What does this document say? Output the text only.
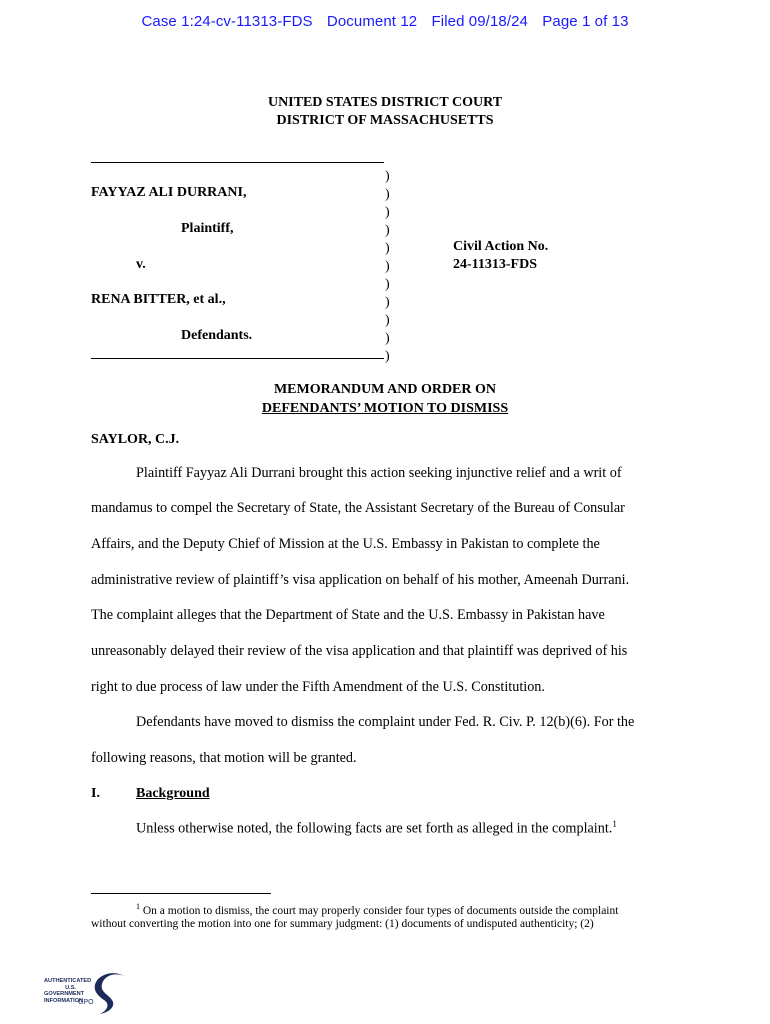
Case 1:24-cv-11313-FDS Document 12 Filed 09/18/24 Page 1 of 13
UNITED STATES DISTRICT COURT
DISTRICT OF MASSACHUSETTS
)
)
)
)
)
)
)
)
)
)
)
FAYYAZ ALI DURRANI,
Plaintiff,
v.
RENA BITTER, et al.,
Defendants.
Civil Action No.
24-11313-FDS
MEMORANDUM AND ORDER ON
DEFENDANTS’ MOTION TO DISMISS
SAYLOR, C.J.
Plaintiff Fayyaz Ali Durrani brought this action seeking injunctive relief and a writ of
mandamus to compel the Secretary of State, the Assistant Secretary of the Bureau of Consular
Affairs, and the Deputy Chief of Mission at the U.S. Embassy in Pakistan to complete the
administrative review of plaintiff’s visa application on behalf of his mother, Ameenah Durrani.
The complaint alleges that the Department of State and the U.S. Embassy in Pakistan have
unreasonably delayed their review of the visa application and that plaintiff was deprived of his
right to due process of law under the Fifth Amendment of the U.S. Constitution.
Defendants have moved to dismiss the complaint under Fed. R. Civ. P. 12(b)(6). For the
following reasons, that motion will be granted.
I.	Background
Unless otherwise noted, the following facts are set forth as alleged in the complaint.$^1$
$^1$ On a motion to dismiss, the court may properly consider four types of documents outside the complaint
without converting the motion into one for summary judgment: (1) documents of undisputed authenticity; (2)
AUTHENTICATED
U.S. GOVERNMENT
INFORMATION
GPO
